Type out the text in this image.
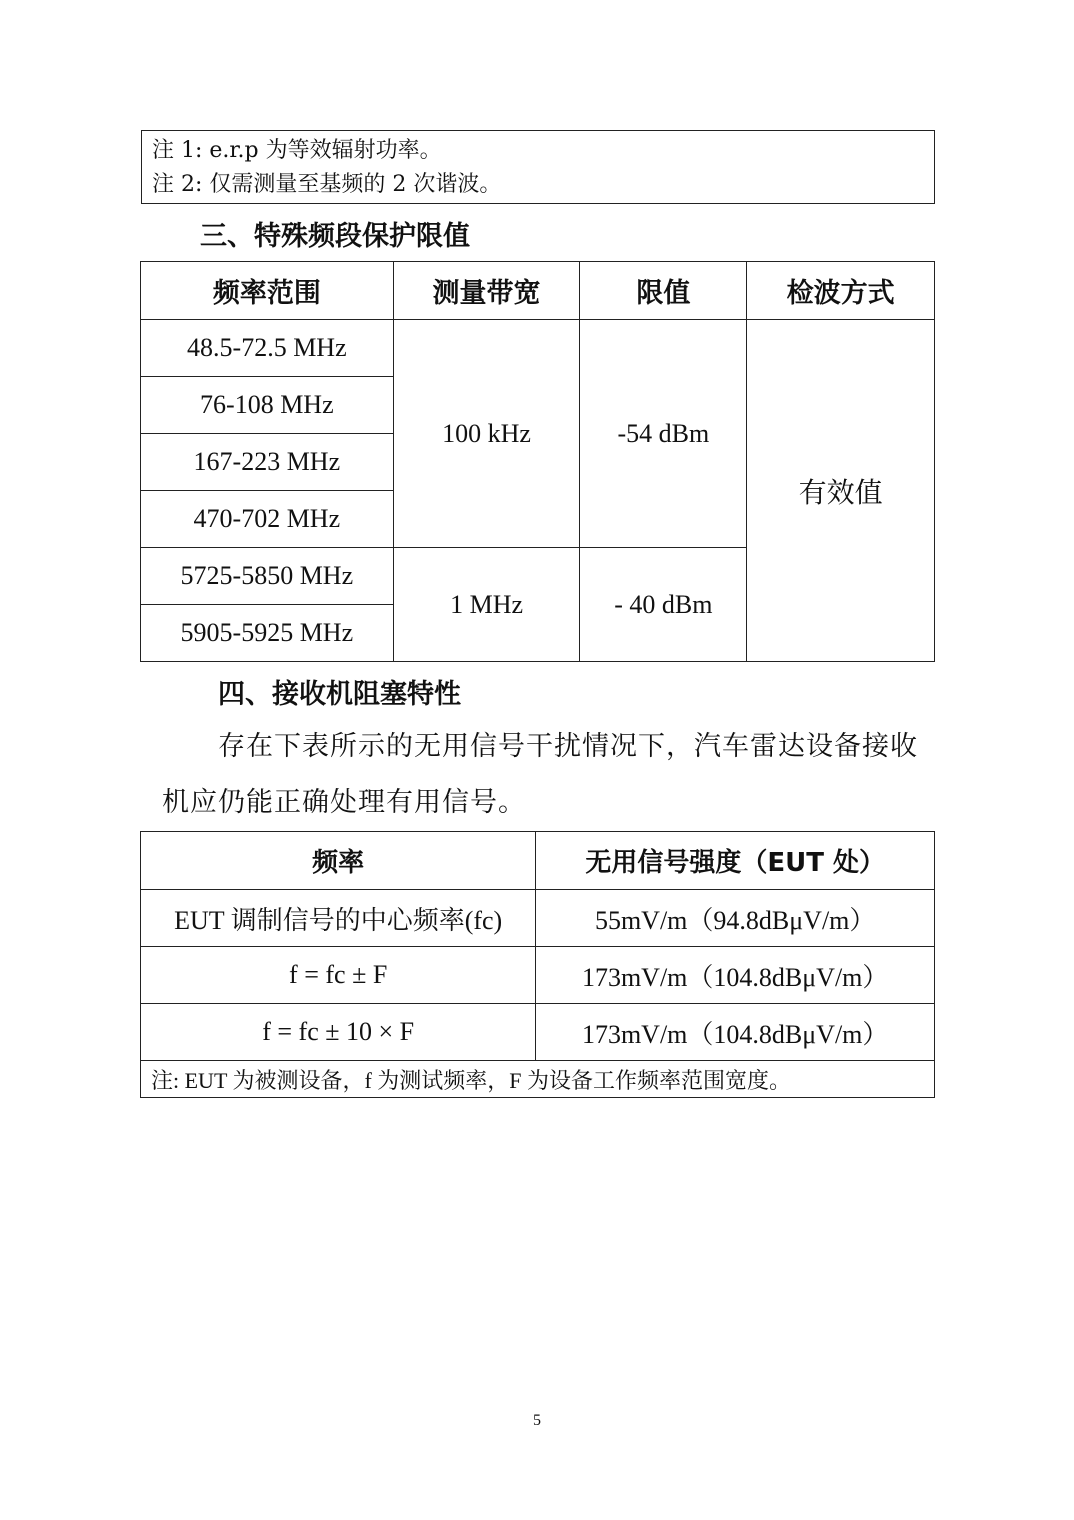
注 1: e.r.p 为等效辐射功率。
注 2: 仅需测量至基频的 2 次谐波。
三、特殊频段保护限值
频率范围	测量带宽	限值	检波方式
48.5-72.5 MHz	100 kHz	-54 dBm	有效值
76-108 MHz			
167-223 MHz			
470-702 MHz			
5725-5850 MHz	1 MHz	- 40 dBm	
5905-5925 MHz			
四、接收机阻塞特性
存在下表所示的无用信号干扰情况下，汽车雷达设备接收
机应仍能正确处理有用信号。
频率	无用信号强度（EUT 处）
EUT 调制信号的中心频率(fc)	55mV/m（94.8dBμV/m）
f = fc ± F	173mV/m（104.8dBμV/m）
f = fc ± 10 × F	173mV/m（104.8dBμV/m）
注: EUT 为被测设备，f 为测试频率，F 为设备工作频率范围宽度。	
5
